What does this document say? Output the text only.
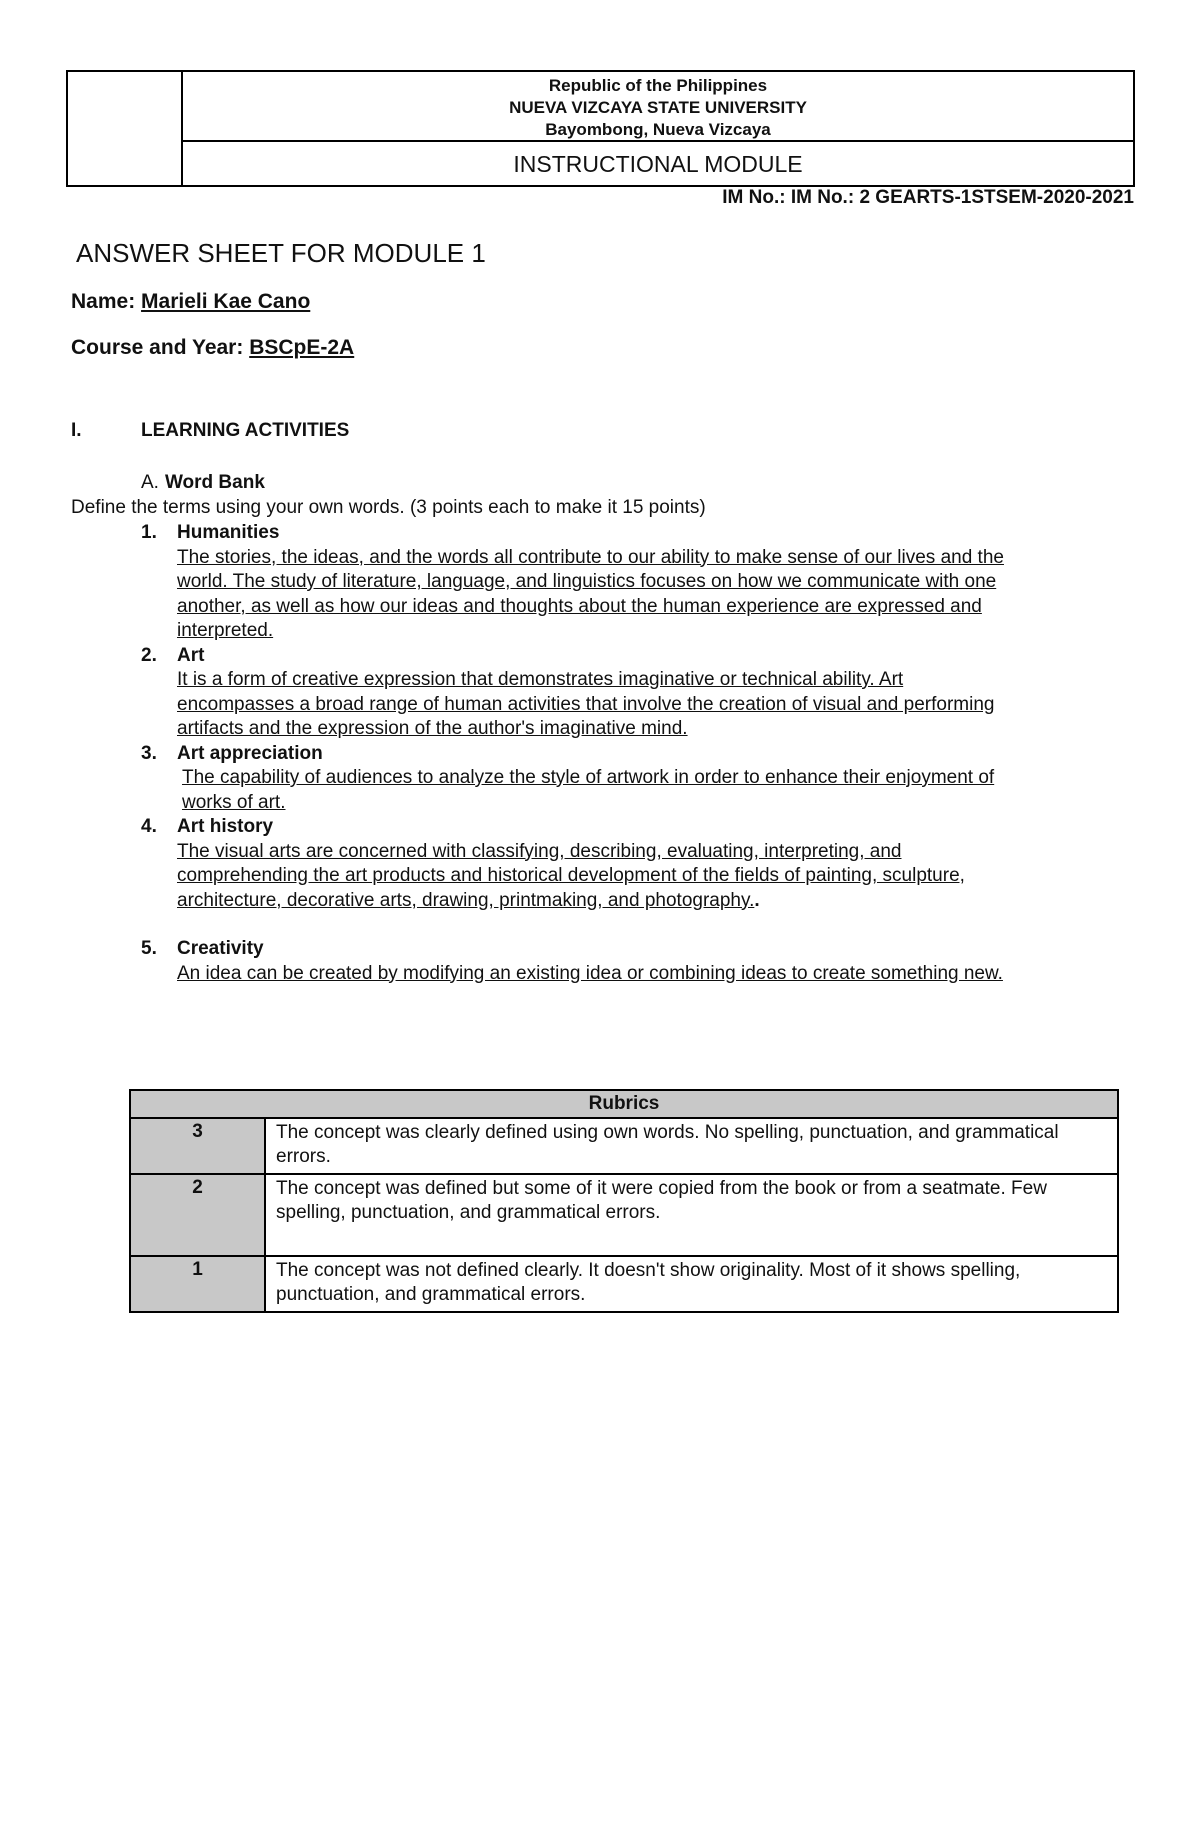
Republic of the Philippines
NUEVA VIZCAYA STATE UNIVERSITY
Bayombong, Nueva Vizcaya
INSTRUCTIONAL MODULE
IM No.: IM No.: 2 GEARTS-1STSEM-2020-2021
ANSWER SHEET FOR MODULE 1
Name: Marieli Kae Cano
Course and Year: BSCpE-2A
I.	LEARNING ACTIVITIES
A. Word Bank
Define the terms using your own words. (3 points each to make it 15 points)
1. Humanities
The stories, the ideas, and the words all contribute to our ability to make sense of our lives and the
world. The study of literature, language, and linguistics focuses on how we communicate with one
another, as well as how our ideas and thoughts about the human experience are expressed and
interpreted.
2. Art
It is a form of creative expression that demonstrates imaginative or technical ability. Art
encompasses a broad range of human activities that involve the creation of visual and performing
artifacts and the expression of the author's imaginative mind.
3. Art appreciation
The capability of audiences to analyze the style of artwork in order to enhance their enjoyment of
works of art.
4. Art history
The visual arts are concerned with classifying, describing, evaluating, interpreting, and
comprehending the art products and historical development of the fields of painting, sculpture,
architecture, decorative arts, drawing, printmaking, and photography..
5. Creativity
An idea can be created by modifying an existing idea or combining ideas to create something new.
Rubrics	
3	The concept was clearly defined using own words. No spelling, punctuation, and grammatical errors.
2	The concept was defined but some of it were copied from the book or from a seatmate. Few spelling, punctuation, and grammatical errors.
1	The concept was not defined clearly. It doesn't show originality. Most of it shows spelling, punctuation, and grammatical errors.
